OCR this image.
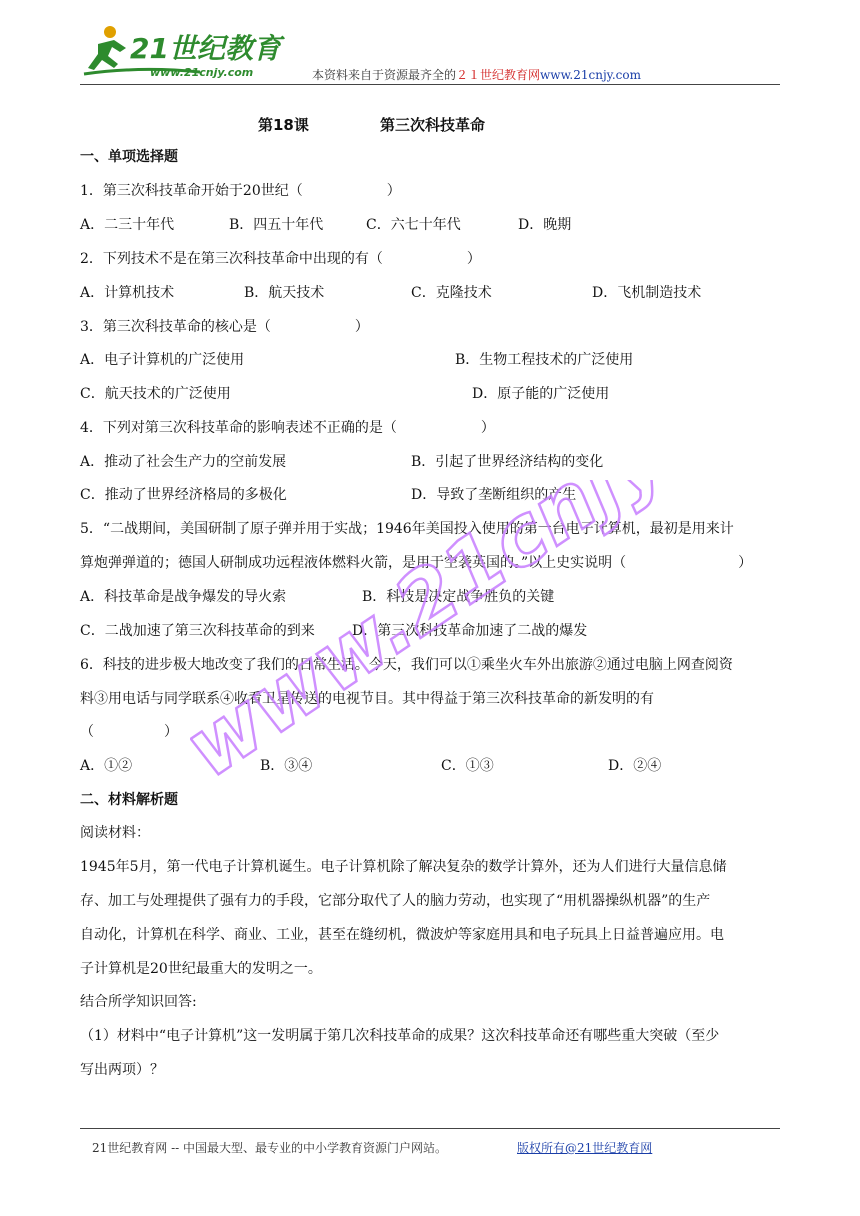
21世纪教育
www.21cnjy.com	本资料来自于资源最齐全的２１世纪教育网www.21cnjy.com
第18课	第三次科技革命
一、单项选择题
1．第三次科技革命开始于20世纪（　　　　　　）
A．二三十年代	B．四五十年代	C．六七十年代	D．晚期
2．下列技术不是在第三次科技革命中出现的有（　　　　　　）
A．计算机技术	B．航天技术	C．克隆技术	D．飞机制造技术
3．第三次科技革命的核心是（　　　　　　）
A．电子计算机的广泛使用	B．生物工程技术的广泛使用
C．航天技术的广泛使用	D．原子能的广泛使用
4．下列对第三次科技革命的影响表述不正确的是（　　　　　　）
A．推动了社会生产力的空前发展	B．引起了世界经济结构的变化
C．推动了世界经济格局的多极化	D．导致了垄断组织的产生
5．“二战期间，美国研制了原子弹并用于实战；1946年美国投入使用的第一台电子计算机，最初是用来计
算炮弹弹道的；德国人研制成功远程液体燃料火箭，是用于空袭英国的。”以上史实说明（　　　　　　　　）
A．科技革命是战争爆发的导火索	B．科技是决定战争胜负的关键
C．二战加速了第三次科技革命的到来	D．第三次科技革命加速了二战的爆发
6．科技的进步极大地改变了我们的日常生活。今天，我们可以①乘坐火车外出旅游②通过电脑上网查阅资
料③用电话与同学联系④收看卫星传送的电视节目。其中得益于第三次科技革命的新发明的有
（　　　　　）
A．①②	B．③④	C．①③	D．②④
二、材料解析题
阅读材料：
1945年5月，第一代电子计算机诞生。电子计算机除了解决复杂的数学计算外，还为人们进行大量信息储
存、加工与处理提供了强有力的手段，它部分取代了人的脑力劳动，也实现了“用机器操纵机器”的生产
自动化，计算机在科学、商业、工业，甚至在缝纫机，微波炉等家庭用具和电子玩具上日益普遍应用。电
子计算机是20世纪最重大的发明之一。
结合所学知识回答:
（1）材料中“电子计算机”这一发明属于第几次科技革命的成果？这次科技革命还有哪些重大突破（至少
写出两项）？
www.21cnjy.com
21世纪教育网 -- 中国最大型、最专业的中小学教育资源门户网站。	版权所有@21世纪教育网
